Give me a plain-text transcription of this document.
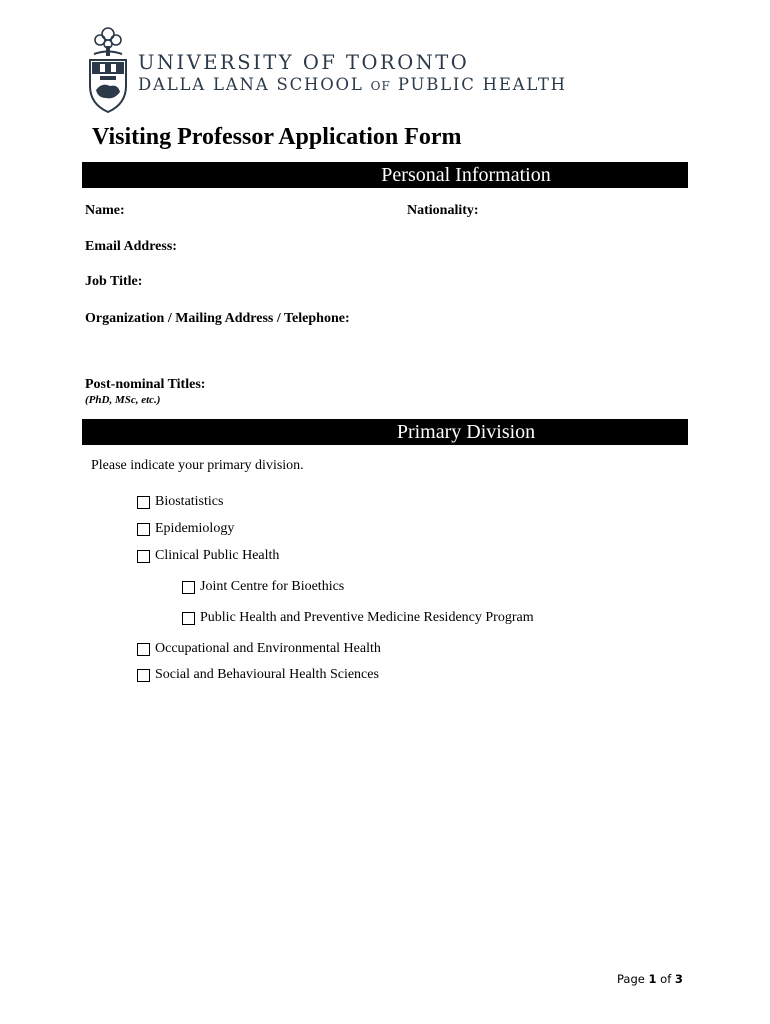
UNIVERSITY OF TORONTO
DALLA LANA SCHOOL OF PUBLIC HEALTH
Visiting Professor Application Form
Personal Information
Name:	Nationality:
Email Address:
Job Title:
Organization / Mailing Address / Telephone:
Post-nominal Titles:
(PhD, MSc, etc.)
Primary Division
Please indicate your primary division.
Biostatistics
Epidemiology
Clinical Public Health
Joint Centre for Bioethics
Public Health and Preventive Medicine Residency Program
Occupational and Environmental Health
Social and Behavioural Health Sciences
Page 1 of 3
